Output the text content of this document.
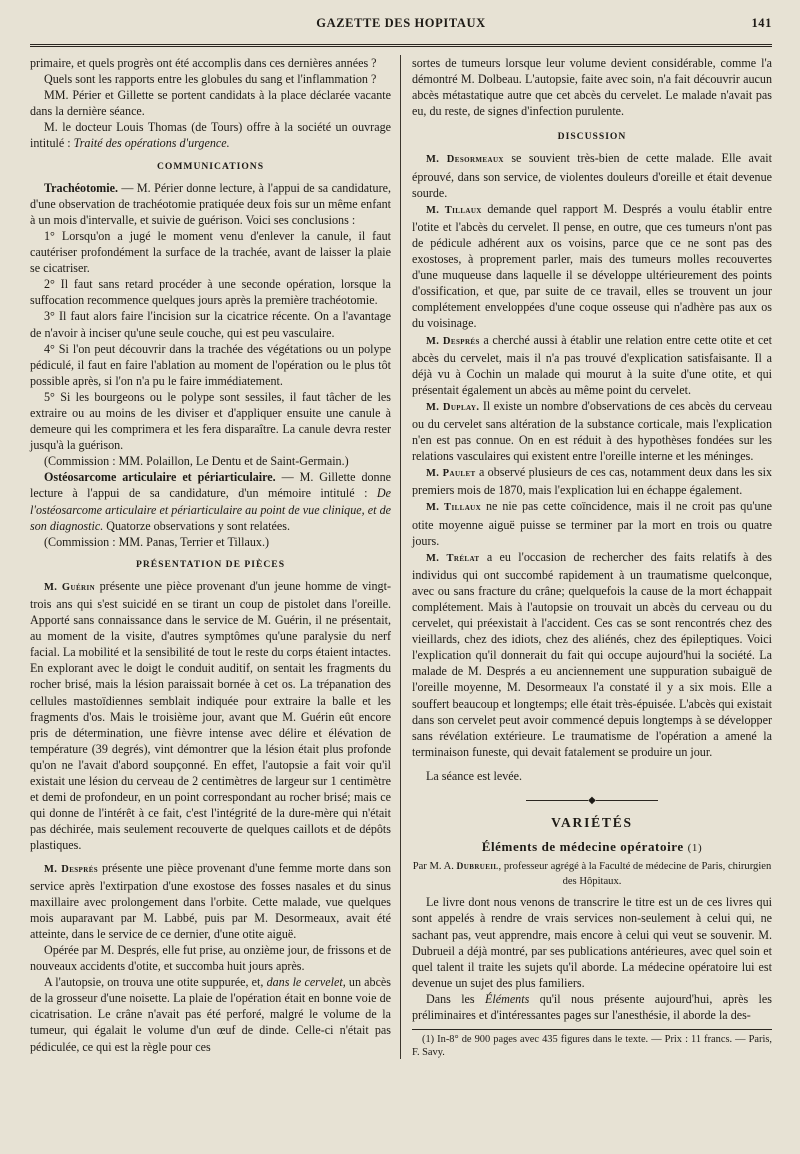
GAZETTE DES HOPITAUX	141

primaire, et quels progrès ont été accomplis dans ces dernières années ?

Quels sont les rapports entre les globules du sang et l'inflammation ?

MM. Périer et Gillette se portent candidats à la place déclarée vacante dans la dernière séance.

M. le docteur Louis Thomas (de Tours) offre à la société un ouvrage intitulé : Traité des opérations d'urgence.

COMMUNICATIONS

Trachéotomie. — M. Périer donne lecture, à l'appui de sa candidature, d'une observation de trachéotomie pratiquée deux fois sur un même enfant à un mois d'intervalle, et suivie de guérison. Voici ses conclusions :

1° Lorsqu'on a jugé le moment venu d'enlever la canule, il faut cautériser profondément la surface de la trachée, avant de laisser la plaie se cicatriser.

2° Il faut sans retard procéder à une seconde opération, lorsque la suffocation recommence quelques jours après la première trachéotomie.

3° Il faut alors faire l'incision sur la cicatrice récente. On a l'avantage de n'avoir à inciser qu'une seule couche, qui est peu vasculaire.

4° Si l'on peut découvrir dans la trachée des végétations ou un polype pédiculé, il faut en faire l'ablation au moment de l'opération ou le plus tôt possible après, si l'on n'a pu le faire immédiatement.

5° Si les bourgeons ou le polype sont sessiles, il faut tâcher de les extraire ou au moins de les diviser et d'appliquer ensuite une canule à demeure qui les comprimera et les fera disparaître. La canule devra rester jusqu'à la guérison.

(Commission : MM. Polaillon, Le Dentu et de Saint-Germain.)

Ostéosarcome articulaire et périarticulaire. — M. Gillette donne lecture à l'appui de sa candidature, d'un mémoire intitulé : De l'ostéosarcome articulaire et périarticulaire au point de vue clinique, et de son diagnostic. Quatorze observations y sont relatées.

(Commission : MM. Panas, Terrier et Tillaux.)

PRÉSENTATION DE PIÈCES

M. Guérin présente une pièce provenant d'un jeune homme de vingt-trois ans qui s'est suicidé en se tirant un coup de pistolet dans l'oreille. Apporté sans connaissance dans le service de M. Guérin, il ne présentait, au moment de la visite, d'autres symptômes qu'une paralysie du nerf facial. La mobilité et la sensibilité de tout le reste du corps étaient intactes. En explorant avec le doigt le conduit auditif, on sentait les fragments du rocher brisé, mais la lésion paraissait bornée à cet os. La trépanation des cellules mastoïdiennes semblait indiquée pour extraire la balle et les fragments d'os. Mais le troisième jour, avant que M. Guérin eût encore pris de détermination, une fièvre intense avec délire et élévation de température (39 degrés), vint démontrer que la lésion était plus profonde qu'on ne l'avait d'abord soupçonné. En effet, l'autopsie a fait voir qu'il existait une lésion du cerveau de 2 centimètres de largeur sur 1 centimètre et demi de profondeur, en un point correspondant au rocher brisé; mais ce qui donne de l'intérêt à ce fait, c'est l'intégrité de la dure-mère qui n'était pas déchirée, mais seulement recouverte de quelques caillots et de dépôts plastiques.

M. Després présente une pièce provenant d'une femme morte dans son service après l'extirpation d'une exostose des fosses nasales et du sinus maxillaire avec prolongement dans l'orbite. Cette malade, vue quelques mois auparavant par M. Labbé, puis par M. Desormeaux, avait été atteinte, dans le service de ce dernier, d'une otite aiguë.

Opérée par M. Després, elle fut prise, au onzième jour, de frissons et de nouveaux accidents d'otite, et succomba huit jours après.

A l'autopsie, on trouva une otite suppurée, et, dans le cervelet, un abcès de la grosseur d'une noisette. La plaie de l'opération était en bonne voie de cicatrisation. Le crâne n'avait pas été perforé, malgré le volume de la tumeur, qui égalait le volume d'un œuf de dinde. Celle-ci n'était pas pédiculée, ce qui est la règle pour ces

sortes de tumeurs lorsque leur volume devient considérable, comme l'a démontré M. Dolbeau. L'autopsie, faite avec soin, n'a fait découvrir aucun abcès métastatique autre que cet abcès du cervelet. Le malade n'avait pas eu, du reste, de signes d'infection purulente.

DISCUSSION

M. Desormeaux se souvient très-bien de cette malade. Elle avait éprouvé, dans son service, de violentes douleurs d'oreille et était devenue sourde.

M. Tillaux demande quel rapport M. Després a voulu établir entre l'otite et l'abcès du cervelet. Il pense, en outre, que ces tumeurs n'ont pas de pédicule adhérent aux os voisins, parce que ce ne sont pas des exostoses, à proprement parler, mais des tumeurs molles recouvertes d'une muqueuse dans laquelle il se développe ultérieurement des points d'ossification, et que, par suite de ce travail, elles se trouvent un jour complétement enveloppées d'une coque osseuse qui n'adhère pas aux os du voisinage.

M. Després a cherché aussi à établir une relation entre cette otite et cet abcès du cervelet, mais il n'a pas trouvé d'explication satisfaisante. Il a déjà vu à Cochin un malade qui mourut à la suite d'une otite, et qui présentait également un abcès au même point du cervelet.

M. Duplay. Il existe un nombre d'observations de ces abcès du cerveau ou du cervelet sans altération de la substance corticale, mais l'explication n'en est pas connue. On en est réduit à des hypothèses fondées sur les relations vasculaires qui existent entre l'oreille interne et les méninges.

M. Paulet a observé plusieurs de ces cas, notamment deux dans les six premiers mois de 1870, mais l'explication lui en échappe également.

M. Tillaux ne nie pas cette coïncidence, mais il ne croit pas qu'une otite moyenne aiguë puisse se terminer par la mort en trois ou quatre jours.

M. Trélat a eu l'occasion de rechercher des faits relatifs à des individus qui ont succombé rapidement à un traumatisme quelconque, avec ou sans fracture du crâne; quelquefois la cause de la mort échappait complétement. Mais à l'autopsie on trouvait un abcès du cerveau ou du cervelet, qui préexistait à l'accident. Ces cas se sont rencontrés chez des vieillards, chez des idiots, chez des aliénés, chez des épileptiques. Voici l'explication qu'il donnerait du fait qui occupe aujourd'hui la société. La malade de M. Després a eu anciennement une suppuration subaiguë de l'oreille moyenne, M. Desormeaux l'a constaté il y a six mois. Elle a souffert beaucoup et longtemps; elle était très-épuisée. L'abcès qui existait dans son cervelet peut avoir commencé depuis longtemps à se développer sans révélation extérieure. Le traumatisme de l'opération a amené la terminaison funeste, qui devait fatalement se produire un jour.

La séance est levée.

◆
VARIÉTÉS
Éléments de médecine opératoire (1)
Par M. A. Dubrueil, professeur agrégé à la Faculté de médecine de Paris, chirurgien des Hôpitaux.

Le livre dont nous venons de transcrire le titre est un de ces livres qui sont appelés à rendre de vrais services non-seulement à celui qui, ne sachant pas, veut apprendre, mais encore à celui qui veut se souvenir. M. Dubrueil a déjà montré, par ses publications antérieures, avec quel soin et quel talent il traite les sujets qu'il aborde. La médecine opératoire lui est devenue un sujet des plus familiers.

Dans les Éléments qu'il nous présente aujourd'hui, après les préliminaires et d'intéressantes pages sur l'anesthésie, il aborde la des-

(1) In-8° de 900 pages avec 435 figures dans le texte. — Prix : 11 francs. — Paris, F. Savy.
